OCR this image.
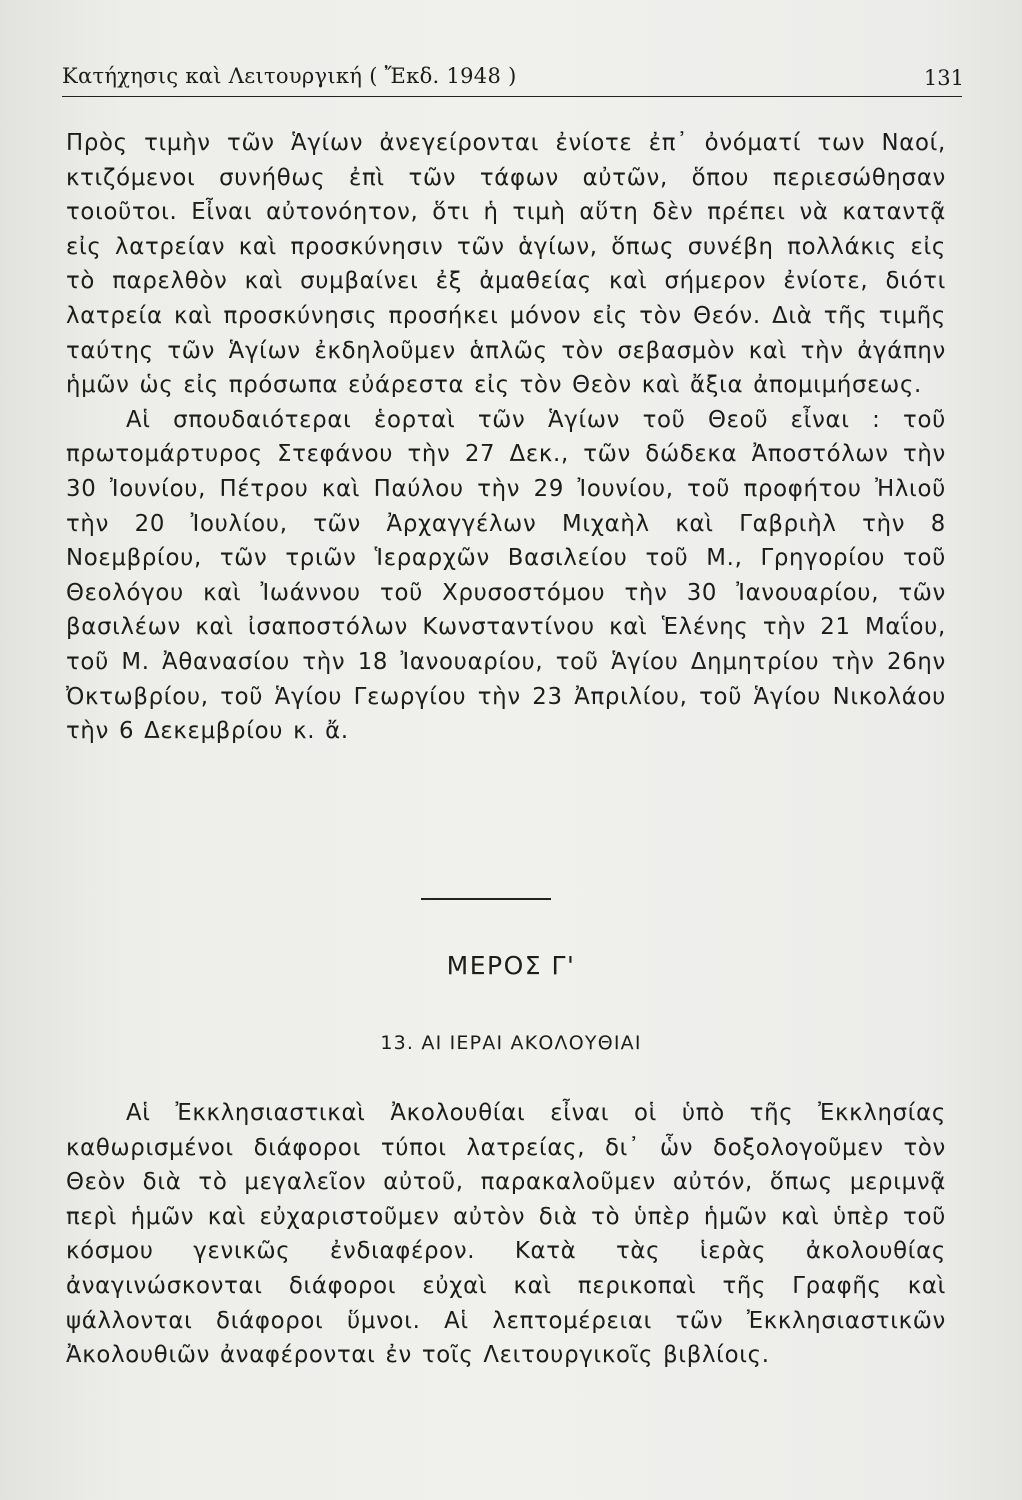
Κατήχησις καὶ Λειτουργική ( Ἔκδ. 1948 )	131

Πρὸς τιμὴν τῶν Ἁγίων ἀνεγείρονται ἐνίοτε ἐπ᾽ ὀνόματί των Ναοί, κτιζόμενοι συνήθως ἐπὶ τῶν τάφων αὐτῶν, ὅπου περιεσώθησαν τοιοῦτοι. Εἶναι αὐτονόητον, ὅτι ἡ τιμὴ αὕτη δὲν πρέπει νὰ καταντᾷ εἰς λατρείαν καὶ προσκύνησιν τῶν ἁγίων, ὅπως συνέβη πολλάκις εἰς τὸ παρελθὸν καὶ συμβαίνει ἐξ ἀμαθείας καὶ σήμερον ἐνίοτε, διότι λατρεία καὶ προσκύνησις προσήκει μόνον εἰς τὸν Θεόν. Διὰ τῆς τιμῆς ταύτης τῶν Ἁγίων ἐκδηλοῦμεν ἁπλῶς τὸν σεβασμὸν καὶ τὴν ἀγάπην ἡμῶν ὡς εἰς πρόσωπα εὐάρεστα εἰς τὸν Θεὸν καὶ ἄξια ἀπομιμήσεως.

Αἱ σπουδαιότεραι ἑορταὶ τῶν Ἁγίων τοῦ Θεοῦ εἶναι : τοῦ πρωτομάρτυρος Στεφάνου τὴν 27 Δεκ., τῶν δώδεκα Ἀποστόλων τὴν 30 Ἰουνίου, Πέτρου καὶ Παύλου τὴν 29 Ἰουνίου, τοῦ προφήτου Ἠλιοῦ τὴν 20 Ἰουλίου, τῶν Ἀρχαγγέλων Μιχαὴλ καὶ Γαβριὴλ τὴν 8 Νοεμβρίου, τῶν τριῶν Ἱεραρχῶν Βασιλείου τοῦ Μ., Γρηγορίου τοῦ Θεολόγου καὶ Ἰωάννου τοῦ Χρυσοστόμου τὴν 30 Ἰανουαρίου, τῶν βασιλέων καὶ ἰσαποστόλων Κωνσταντίνου καὶ Ἑλένης τὴν 21 Μαΐου, τοῦ Μ. Ἀθανασίου τὴν 18 Ἰανουαρίου, τοῦ Ἁγίου Δημητρίου τὴν 26ην Ὀκτωβρίου, τοῦ Ἁγίου Γεωργίου τὴν 23 Ἀπριλίου, τοῦ Ἁγίου Νικολάου τὴν 6 Δεκεμβρίου κ. ἄ.

ΜΕΡΟΣ Γ'
13. ΑΙ ΙΕΡΑΙ ΑΚΟΛΟΥΘΙΑΙ

Αἱ Ἐκκλησιαστικαὶ Ἀκολουθίαι εἶναι οἱ ὑπὸ τῆς Ἐκκλησίας καθωρισμένοι διάφοροι τύποι λατρείας, δι᾽ ὧν δοξολογοῦμεν τὸν Θεὸν διὰ τὸ μεγαλεῖον αὐτοῦ, παρακαλοῦμεν αὐτόν, ὅπως μεριμνᾷ περὶ ἡμῶν καὶ εὐχαριστοῦμεν αὐτὸν διὰ τὸ ὑπὲρ ἡμῶν καὶ ὑπὲρ τοῦ κόσμου γενικῶς ἐνδιαφέρον. Κατὰ τὰς ἱερὰς ἀκολουθίας ἀναγινώσκονται διάφοροι εὐχαὶ καὶ περικοπαὶ τῆς Γραφῆς καὶ ψάλλονται διάφοροι ὕμνοι. Αἱ λεπτομέρειαι τῶν Ἐκκλησιαστικῶν Ἀκολουθιῶν ἀναφέρονται ἐν τοῖς Λειτουργικοῖς βιβλίοις.
